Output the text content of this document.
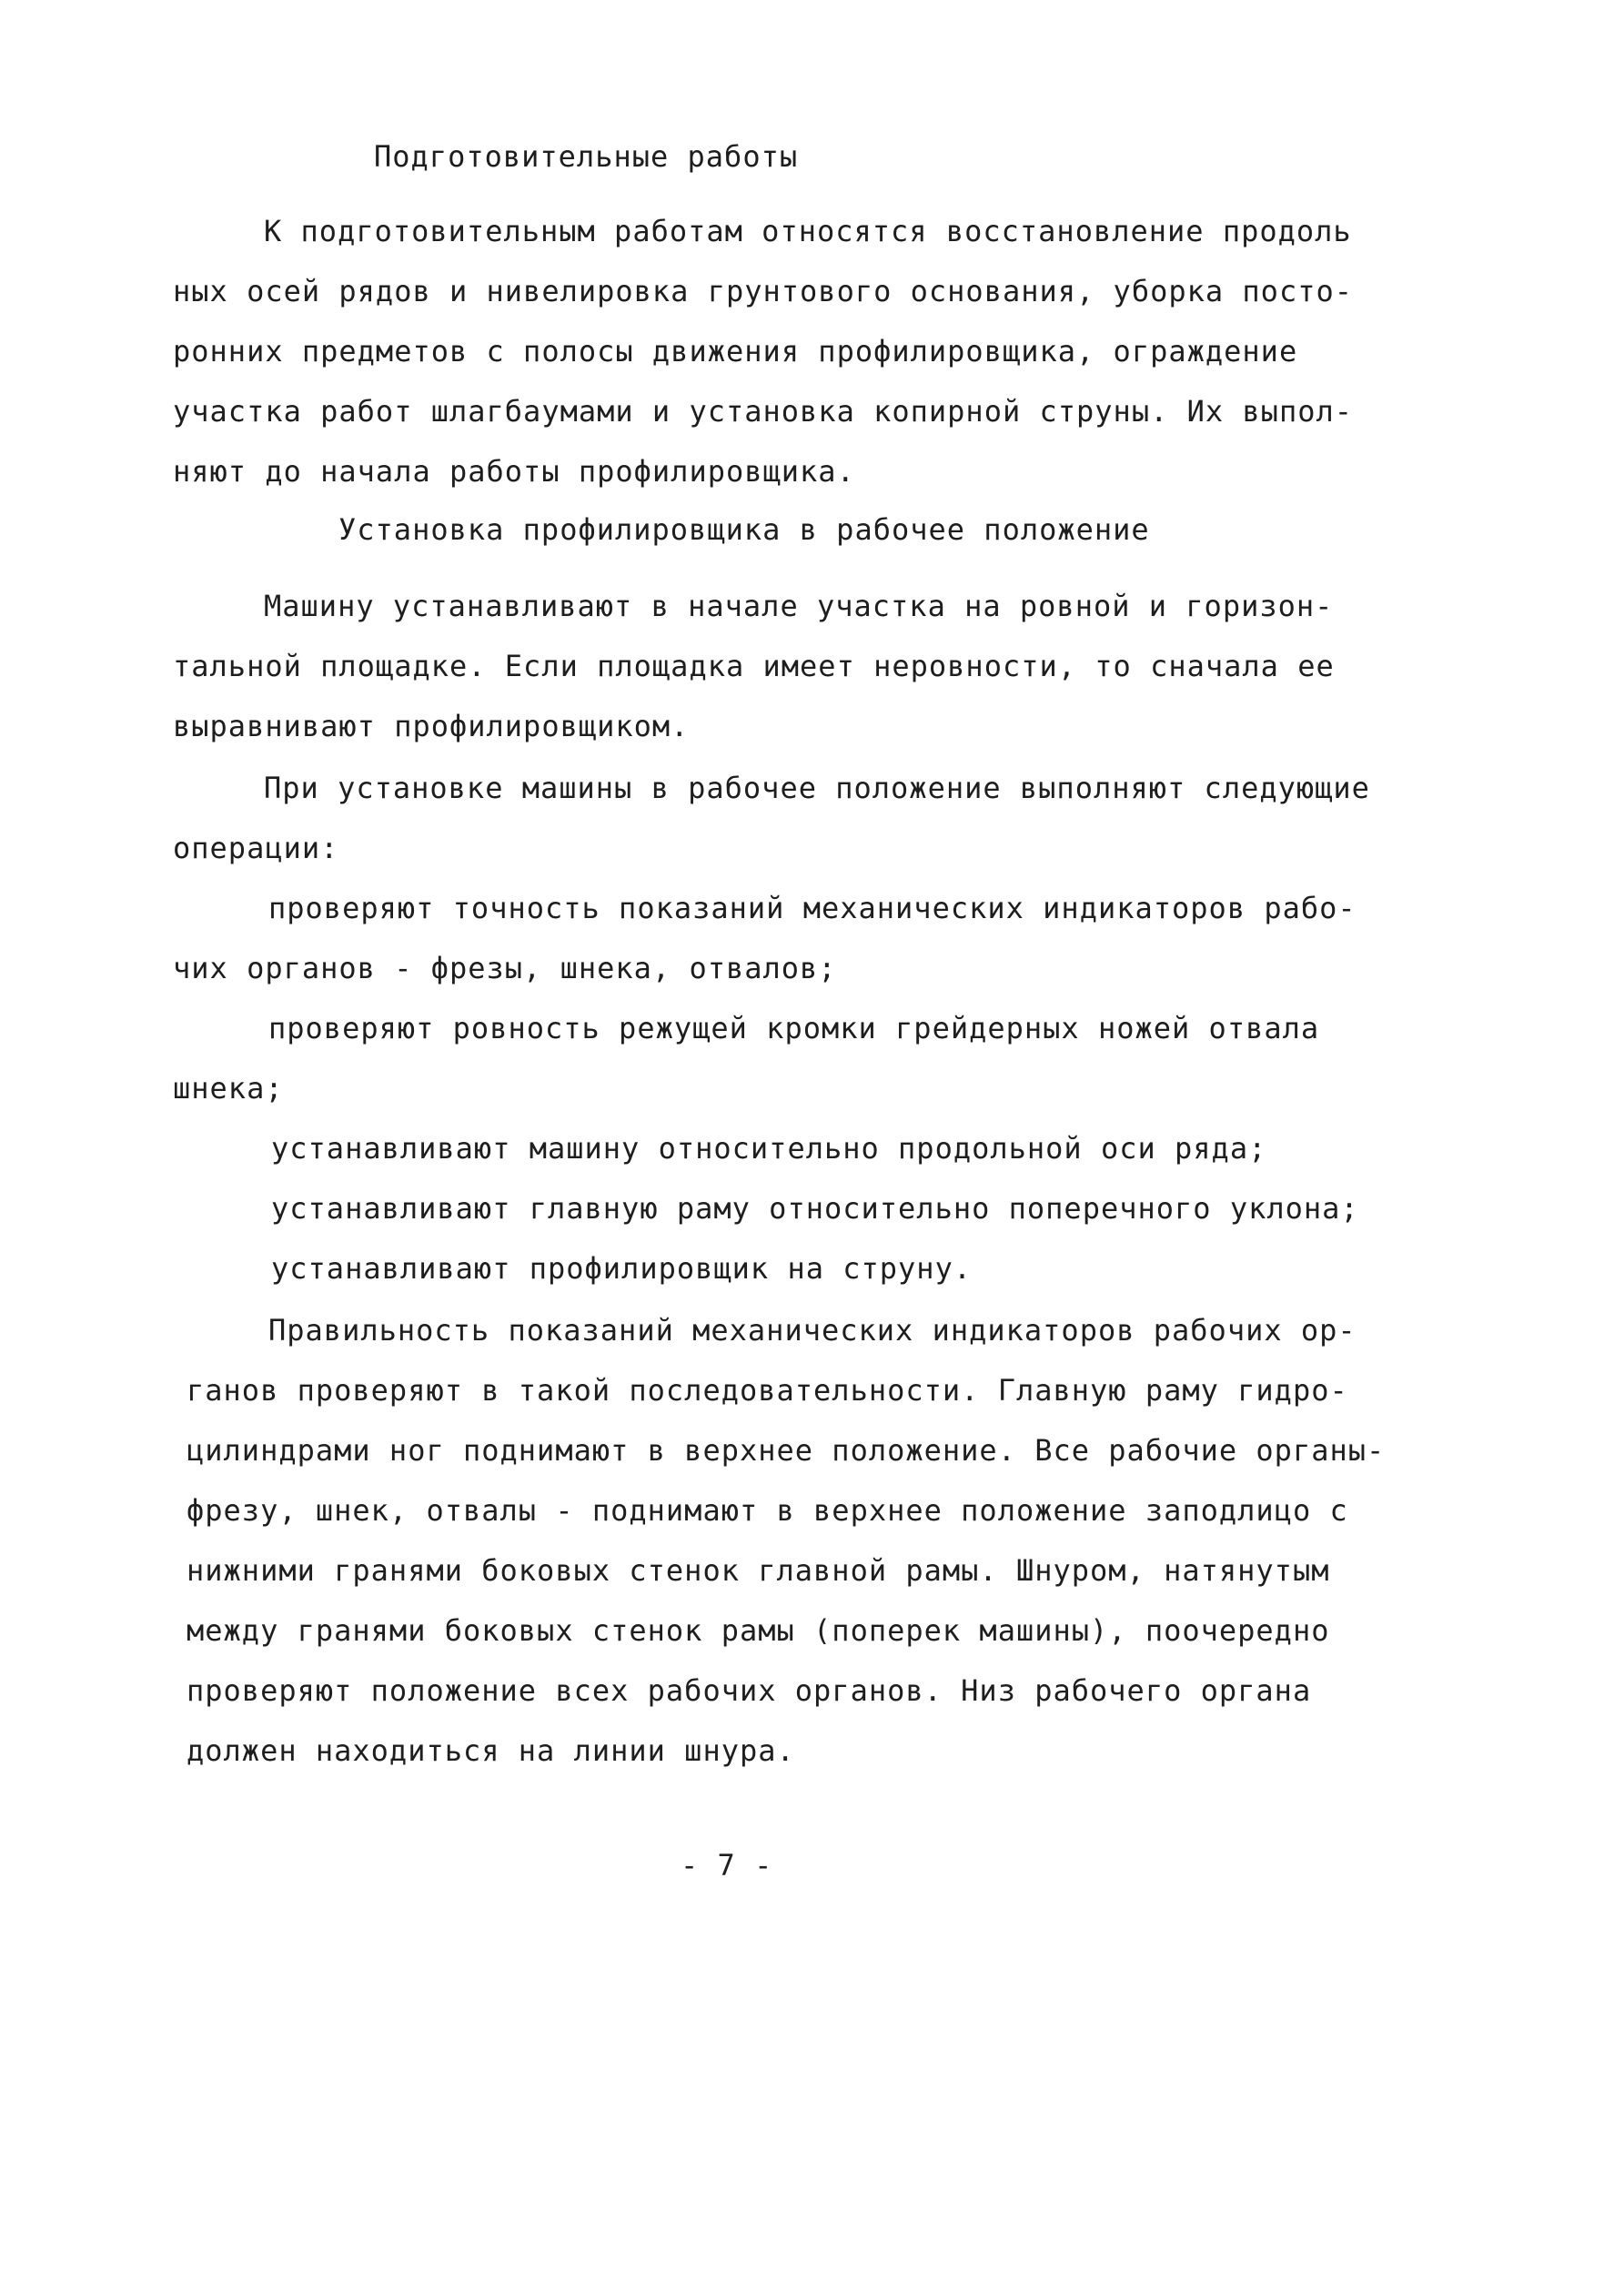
Подготовительные работы

К подготовительным работам относятся восстановление продоль

ных осей рядов и нивелировка грунтового основания, уборка посто-

ронних предметов с полосы движения профилировщика, ограждение

участка работ шлагбаумами и установка копирной струны. Их выпол-

няют до начала работы профилировщика.

Установка профилировщика в рабочее положение

Машину устанавливают в начале участка на ровной и горизон-

тальной площадке. Если площадка имеет неровности, то сначала ее

выравнивают профилировщиком.

При установке машины в рабочее положение выполняют следующие

операции:

проверяют точность показаний механических индикаторов рабо-

чих органов - фрезы, шнека, отвалов;

проверяют ровность режущей кромки грейдерных ножей отвала

шнека;

устанавливают машину относительно продольной оси ряда;

устанавливают главную раму относительно поперечного уклона;

устанавливают профилировщик на струну.

Правильность показаний механических индикаторов рабочих ор-

ганов проверяют в такой последовательности. Главную раму гидро-

цилиндрами ног поднимают в верхнее положение. Все рабочие органы-

фрезу, шнек, отвалы - поднимают в верхнее положение заподлицо с

нижними гранями боковых стенок главной рамы. Шнуром, натянутым

между гранями боковых стенок рамы (поперек машины), поочередно

проверяют положение всех рабочих органов. Низ рабочего органа

должен находиться на линии шнура.

- 7 -
